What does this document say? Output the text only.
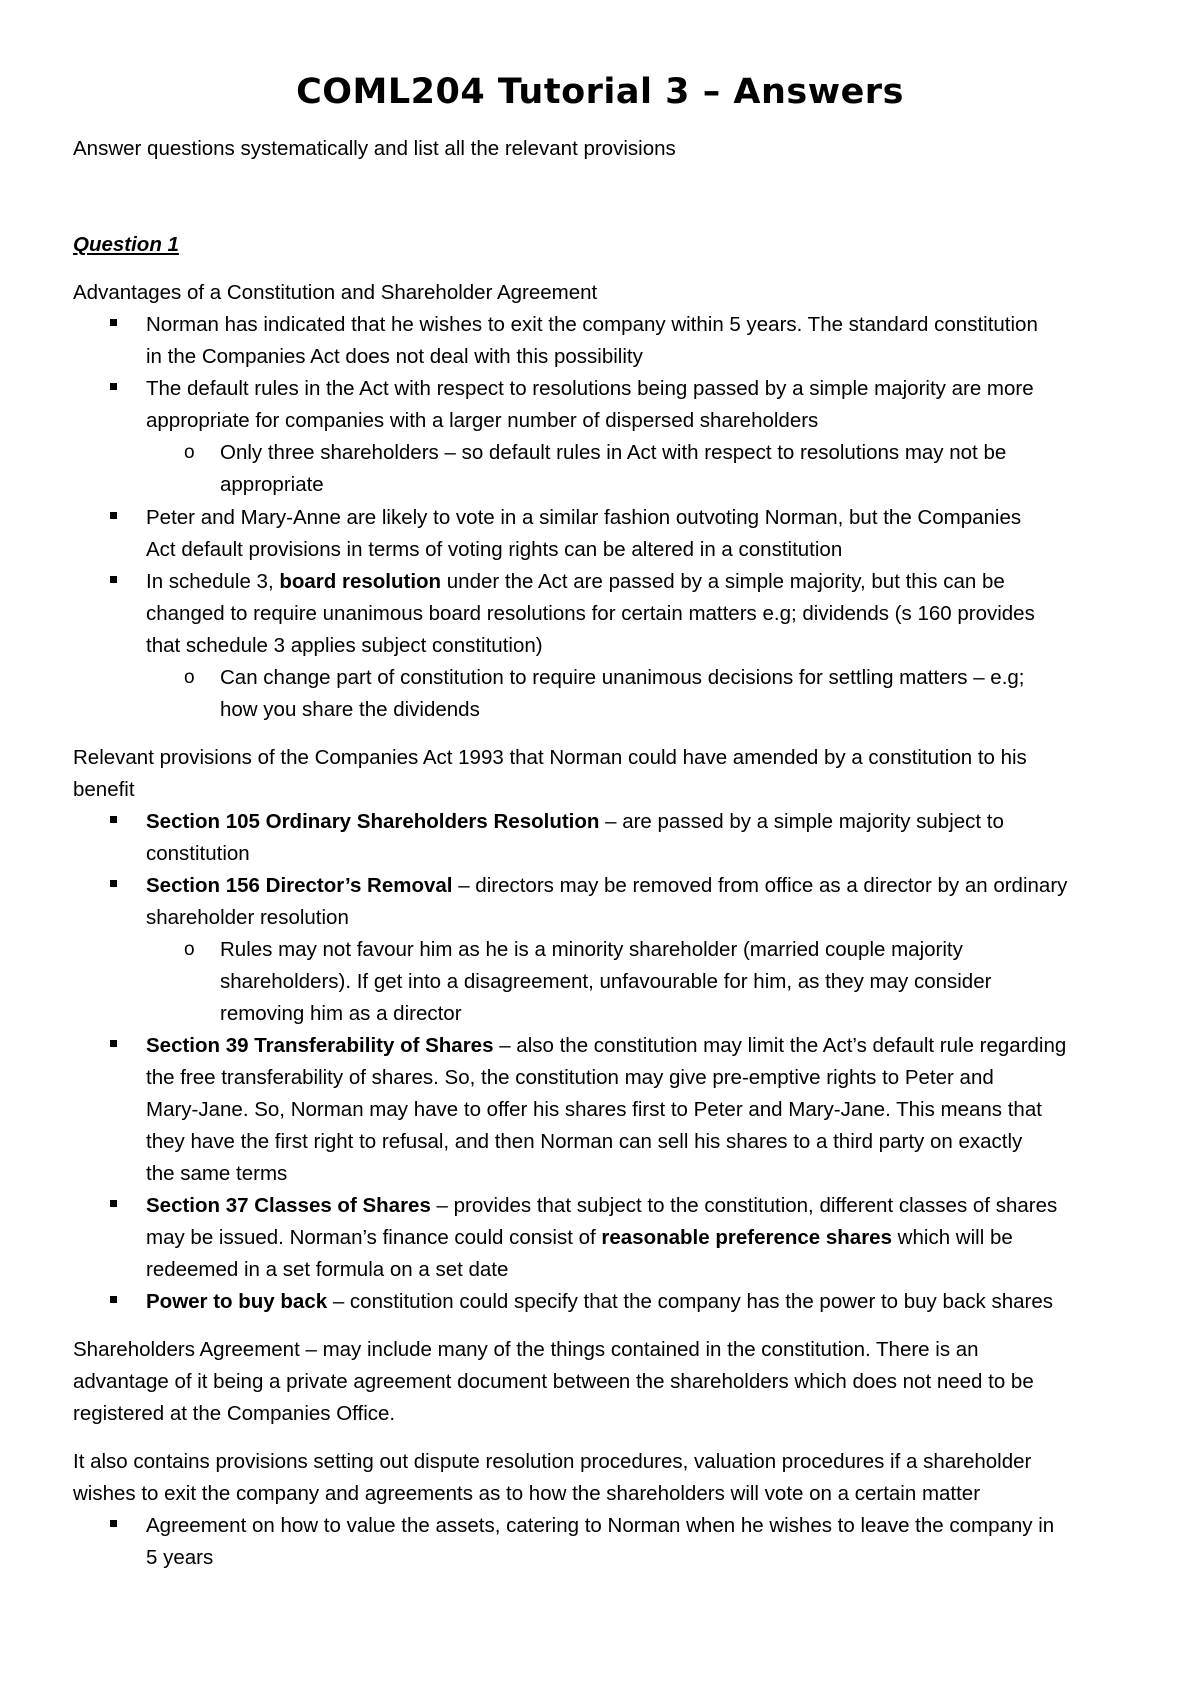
COML204 Tutorial 3 – Answers
Answer questions systematically and list all the relevant provisions
Question 1
Advantages of a Constitution and Shareholder Agreement
Norman has indicated that he wishes to exit the company within 5 years. The standard constitution
in the Companies Act does not deal with this possibility
The default rules in the Act with respect to resolutions being passed by a simple majority are more
appropriate for companies with a larger number of dispersed shareholders
o Only three shareholders – so default rules in Act with respect to resolutions may not be
appropriate
Peter and Mary-Anne are likely to vote in a similar fashion outvoting Norman, but the Companies
Act default provisions in terms of voting rights can be altered in a constitution
In schedule 3, board resolution under the Act are passed by a simple majority, but this can be
changed to require unanimous board resolutions for certain matters e.g; dividends (s 160 provides
that schedule 3 applies subject constitution)
o Can change part of constitution to require unanimous decisions for settling matters – e.g;
how you share the dividends
Relevant provisions of the Companies Act 1993 that Norman could have amended by a constitution to his
benefit
Section 105 Ordinary Shareholders Resolution – are passed by a simple majority subject to
constitution
Section 156 Director’s Removal – directors may be removed from office as a director by an ordinary
shareholder resolution
o Rules may not favour him as he is a minority shareholder (married couple majority
shareholders). If get into a disagreement, unfavourable for him, as they may consider
removing him as a director
Section 39 Transferability of Shares – also the constitution may limit the Act’s default rule regarding
the free transferability of shares. So, the constitution may give pre-emptive rights to Peter and
Mary-Jane. So, Norman may have to offer his shares first to Peter and Mary-Jane. This means that
they have the first right to refusal, and then Norman can sell his shares to a third party on exactly
the same terms
Section 37 Classes of Shares – provides that subject to the constitution, different classes of shares
may be issued. Norman’s finance could consist of reasonable preference shares which will be
redeemed in a set formula on a set date
Power to buy back – constitution could specify that the company has the power to buy back shares
Shareholders Agreement – may include many of the things contained in the constitution. There is an
advantage of it being a private agreement document between the shareholders which does not need to be
registered at the Companies Office.
It also contains provisions setting out dispute resolution procedures, valuation procedures if a shareholder
wishes to exit the company and agreements as to how the shareholders will vote on a certain matter
Agreement on how to value the assets, catering to Norman when he wishes to leave the company in
5 years
